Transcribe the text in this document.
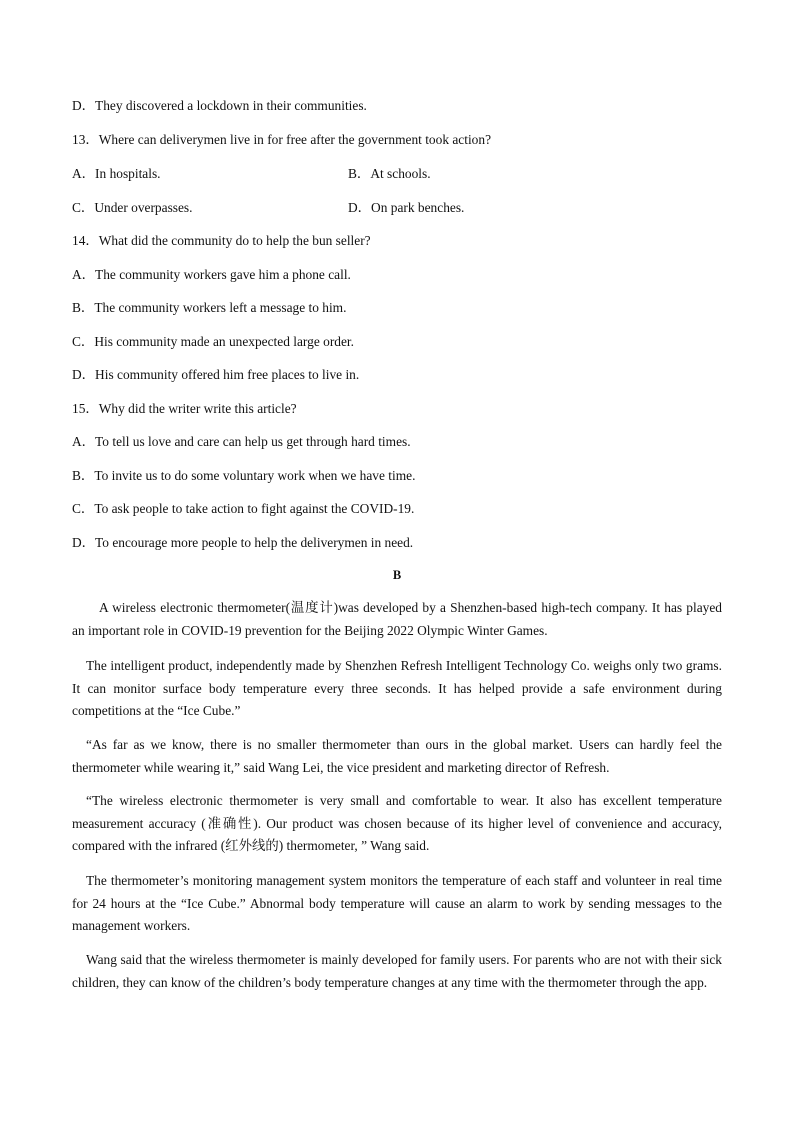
D．They discovered a lockdown in their communities.
13．Where can deliverymen live in for free after the government took action?
A．In hospitals.	B．At schools.
C．Under overpasses.	D．On park benches.
14．What did the community do to help the bun seller?
A．The community workers gave him a phone call.
B．The community workers left a message to him.
C．His community made an unexpected large order.
D．His community offered him free places to live in.
15．Why did the writer write this article?
A．To tell us love and care can help us get through hard times.
B．To invite us to do some voluntary work when we have time.
C．To ask people to take action to fight against the COVID-19.
D．To encourage more people to help the deliverymen in need.
B
A wireless electronic thermometer(温度计)was developed by a Shenzhen-based high-tech company. It has played an important role in COVID-19 prevention for the Beijing 2022 Olympic Winter Games.
The intelligent product, independently made by Shenzhen Refresh Intelligent Technology Co. weighs only two grams. It can monitor surface body temperature every three seconds. It has helped provide a safe environment during competitions at the “Ice Cube.”
“As far as we know, there is no smaller thermometer than ours in the global market. Users can hardly feel the thermometer while wearing it,” said Wang Lei, the vice president and marketing director of Refresh.
“The wireless electronic thermometer is very small and comfortable to wear. It also has excellent temperature measurement accuracy (准确性). Our product was chosen because of its higher level of convenience and accuracy, compared with the infrared (红外线的) thermometer, ” Wang said.
The thermometer’s monitoring management system monitors the temperature of each staff and volunteer in real time for 24 hours at the “Ice Cube.” Abnormal body temperature will cause an alarm to work by sending messages to the management workers.
Wang said that the wireless thermometer is mainly developed for family users. For parents who are not with their sick children, they can know of the children’s body temperature changes at any time with the thermometer through the app.
